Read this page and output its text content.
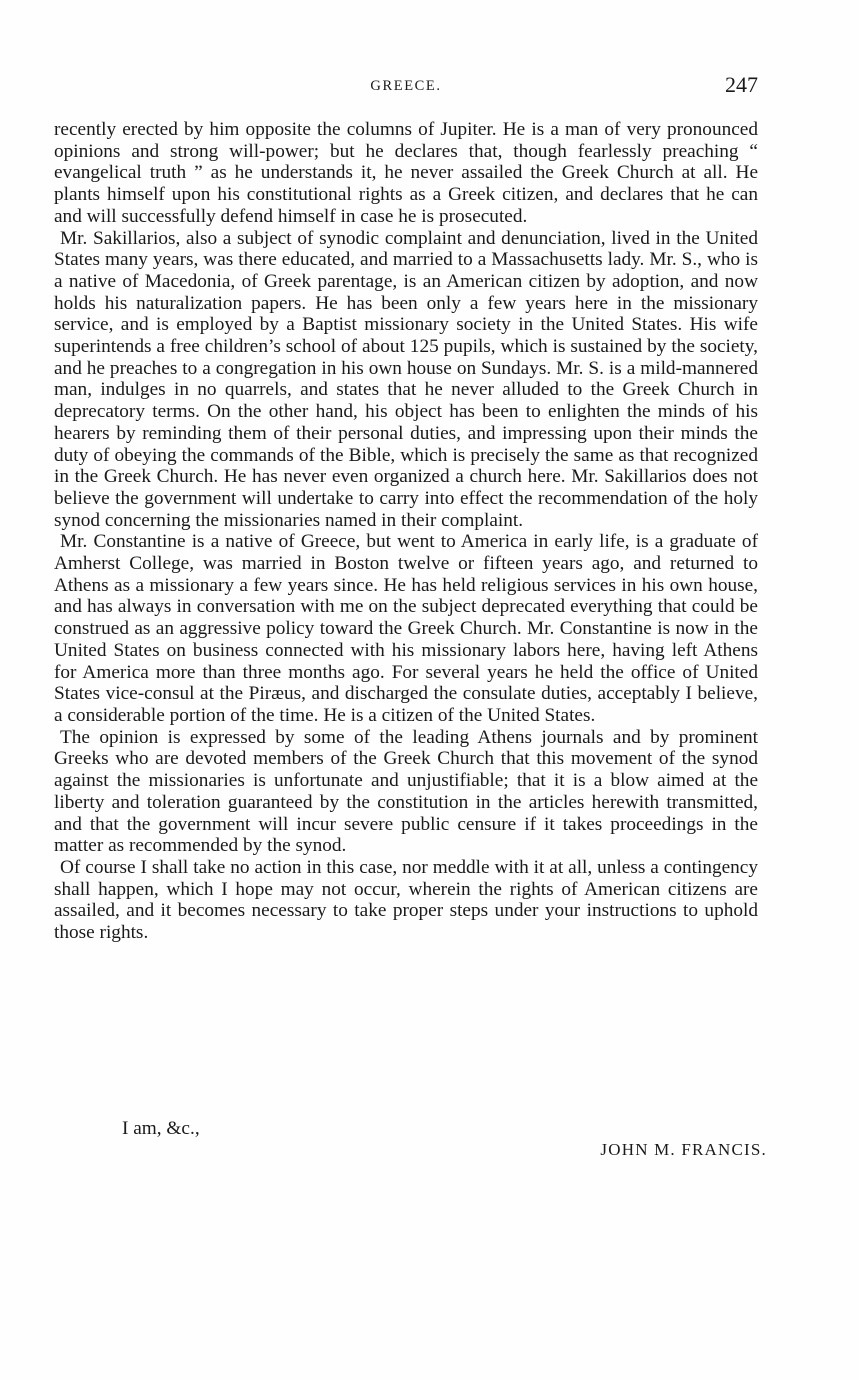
GREECE.	247

recently erected by him opposite the columns of Jupiter. He is a man of very pronounced opinions and strong will-power; but he declares that, though fearlessly preaching “ evangelical truth ” as he understands it, he never assailed the Greek Church at all. He plants himself upon his constitutional rights as a Greek citizen, and declares that he can and will successfully defend himself in case he is prosecuted.

Mr. Sakillarios, also a subject of synodic complaint and denunciation, lived in the United States many years, was there educated, and married to a Massachusetts lady. Mr. S., who is a native of Macedonia, of Greek parentage, is an American citizen by adoption, and now holds his naturalization papers. He has been only a few years here in the missionary service, and is employed by a Baptist missionary society in the United States. His wife superintends a free children’s school of about 125 pupils, which is sustained by the society, and he preaches to a congregation in his own house on Sundays. Mr. S. is a mild-mannered man, indulges in no quarrels, and states that he never alluded to the Greek Church in deprecatory terms. On the other hand, his object has been to enlighten the minds of his hearers by reminding them of their personal duties, and impressing upon their minds the duty of obeying the commands of the Bible, which is precisely the same as that recognized in the Greek Church. He has never even organized a church here. Mr. Sakillarios does not believe the government will undertake to carry into effect the recommendation of the holy synod concerning the missionaries named in their complaint.

Mr. Constantine is a native of Greece, but went to America in early life, is a graduate of Amherst College, was married in Boston twelve or fifteen years ago, and returned to Athens as a missionary a few years since. He has held religious services in his own house, and has always in conversation with me on the subject deprecated everything that could be construed as an aggressive policy toward the Greek Church. Mr. Constantine is now in the United States on business connected with his missionary labors here, having left Athens for America more than three months ago. For several years he held the office of United States vice-consul at the Piræus, and discharged the consulate duties, acceptably I believe, a considerable portion of the time. He is a citizen of the United States.

The opinion is expressed by some of the leading Athens journals and by prominent Greeks who are devoted members of the Greek Church that this movement of the synod against the missionaries is unfortunate and unjustifiable; that it is a blow aimed at the liberty and toleration guaranteed by the constitution in the articles herewith transmitted, and that the government will incur severe public censure if it takes proceedings in the matter as recommended by the synod.

Of course I shall take no action in this case, nor meddle with it at all, unless a contingency shall happen, which I hope may not occur, wherein the rights of American citizens are assailed, and it becomes necessary to take proper steps under your instructions to uphold those rights.

I am, &c.,
JOHN M. FRANCIS.
